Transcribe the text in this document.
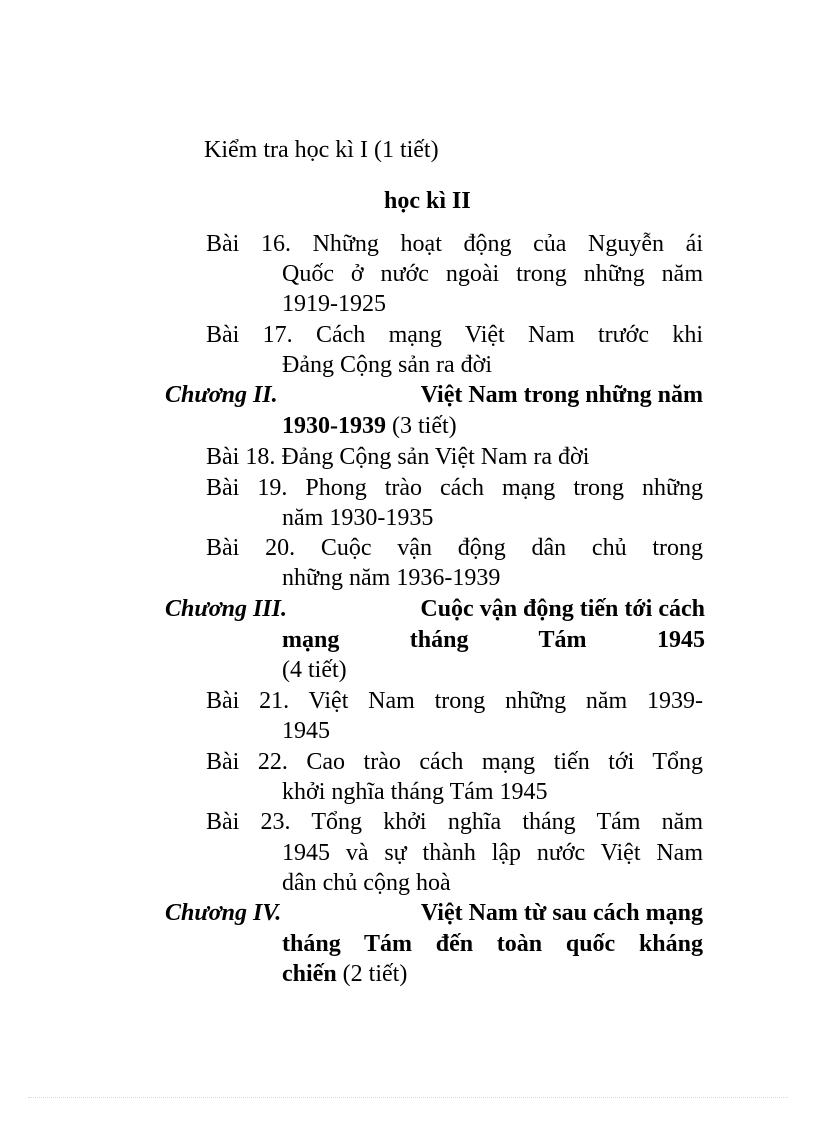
Kiểm tra học kì I (1 tiết)
học kì II
Bài 16. Những hoạt động của Nguyễn ái
Quốc ở nước ngoài trong những năm
1919-1925
Bài 17. Cách mạng Việt Nam trước khi
Đảng Cộng sản ra đời
Chương II.	Việt Nam trong những năm
1930-1939 (3 tiết)
Bài 18. Đảng Cộng sản Việt Nam ra đời
Bài 19. Phong trào cách mạng trong những
năm 1930-1935
Bài 20. Cuộc vận động dân chủ trong
những năm 1936-1939
Chương III.	Cuộc vận động tiến tới cách
mạng tháng Tám 1945
(4 tiết)
Bài 21. Việt Nam trong những năm 1939-
1945
Bài 22. Cao trào cách mạng tiến tới Tổng
khởi nghĩa tháng Tám 1945
Bài 23. Tổng khởi nghĩa tháng Tám năm
1945 và sự thành lập nước Việt Nam
dân chủ cộng hoà
Chương IV.	Việt Nam từ sau cách mạng
tháng Tám đến toàn quốc kháng
chiến (2 tiết)
